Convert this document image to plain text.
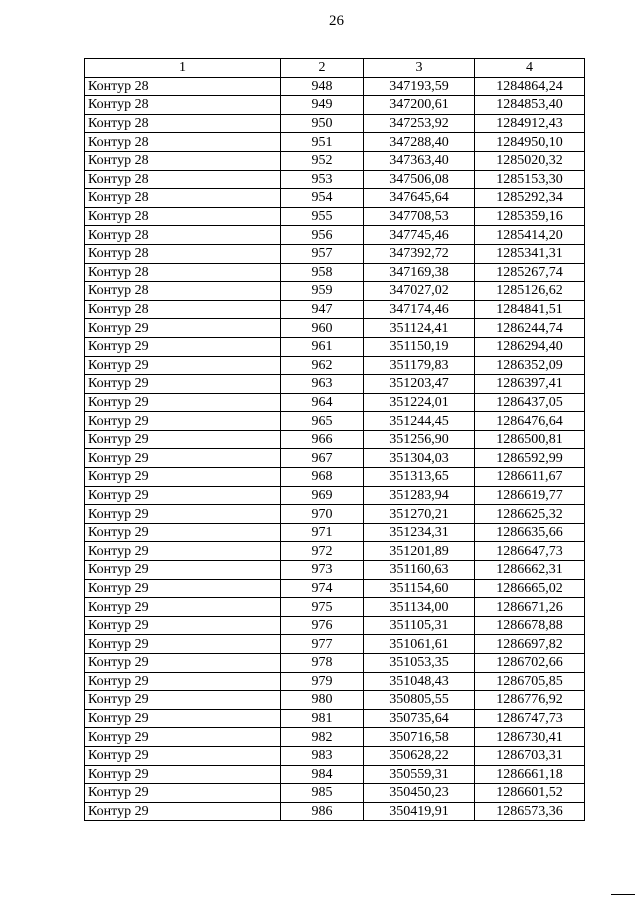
26
1	2	3	4
Контур 28	948	347193,59	1284864,24
Контур 28	949	347200,61	1284853,40
Контур 28	950	347253,92	1284912,43
Контур 28	951	347288,40	1284950,10
Контур 28	952	347363,40	1285020,32
Контур 28	953	347506,08	1285153,30
Контур 28	954	347645,64	1285292,34
Контур 28	955	347708,53	1285359,16
Контур 28	956	347745,46	1285414,20
Контур 28	957	347392,72	1285341,31
Контур 28	958	347169,38	1285267,74
Контур 28	959	347027,02	1285126,62
Контур 28	947	347174,46	1284841,51
Контур 29	960	351124,41	1286244,74
Контур 29	961	351150,19	1286294,40
Контур 29	962	351179,83	1286352,09
Контур 29	963	351203,47	1286397,41
Контур 29	964	351224,01	1286437,05
Контур 29	965	351244,45	1286476,64
Контур 29	966	351256,90	1286500,81
Контур 29	967	351304,03	1286592,99
Контур 29	968	351313,65	1286611,67
Контур 29	969	351283,94	1286619,77
Контур 29	970	351270,21	1286625,32
Контур 29	971	351234,31	1286635,66
Контур 29	972	351201,89	1286647,73
Контур 29	973	351160,63	1286662,31
Контур 29	974	351154,60	1286665,02
Контур 29	975	351134,00	1286671,26
Контур 29	976	351105,31	1286678,88
Контур 29	977	351061,61	1286697,82
Контур 29	978	351053,35	1286702,66
Контур 29	979	351048,43	1286705,85
Контур 29	980	350805,55	1286776,92
Контур 29	981	350735,64	1286747,73
Контур 29	982	350716,58	1286730,41
Контур 29	983	350628,22	1286703,31
Контур 29	984	350559,31	1286661,18
Контур 29	985	350450,23	1286601,52
Контур 29	986	350419,91	1286573,36
